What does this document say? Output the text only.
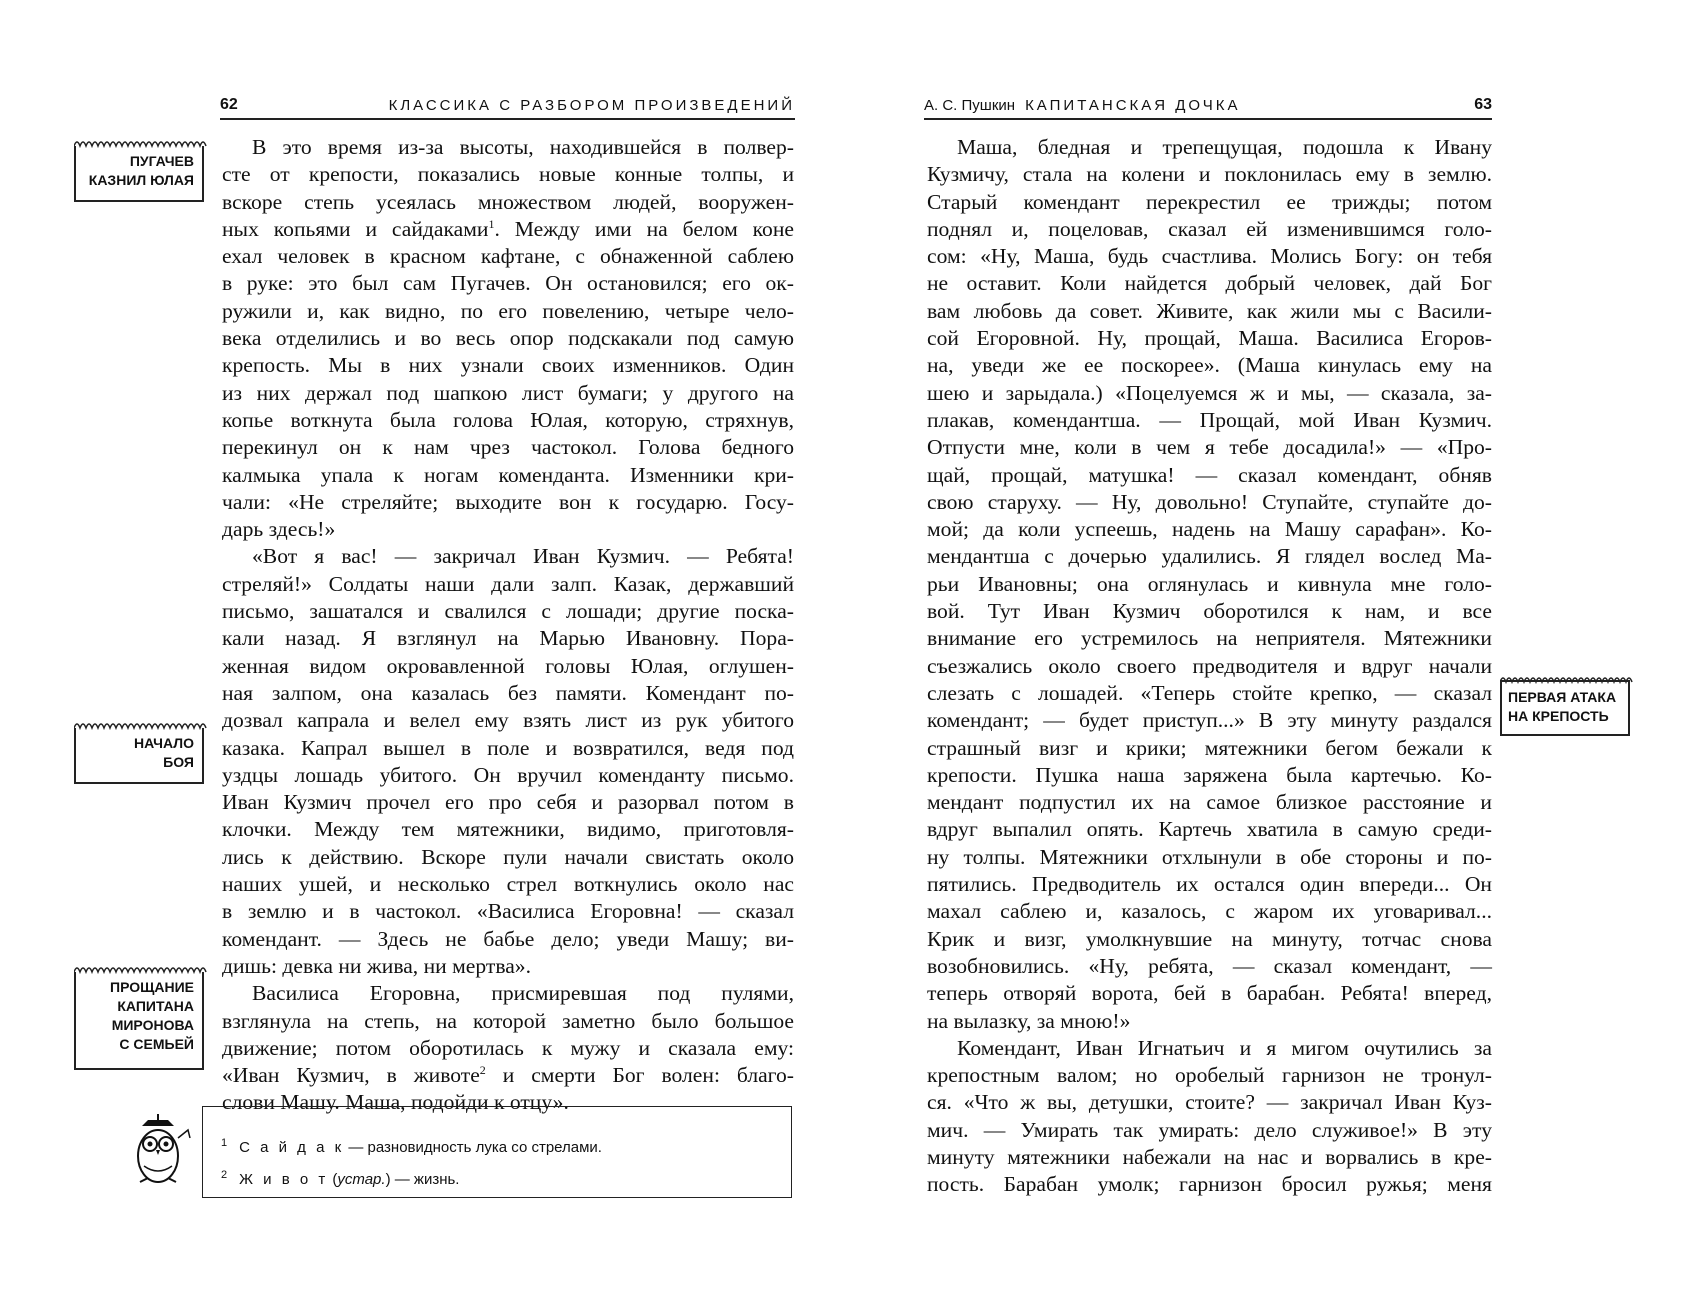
62	КЛАССИКА С РАЗБОРОМ ПРОИЗВЕДЕНИЙ	А. С. Пушкин КАПИТАНСКАЯ ДОЧКА	63
В это время из-за высоты, находившейся в полвер-
сте от крепости, показались новые конные толпы, и
вскоре степь усеялась множеством людей, вооружен-
ных копьями и сайдаками$^1$. Между ими на белом коне
ехал человек в красном кафтане, с обнаженной саблею
в руке: это был сам Пугачев. Он остановился; его ок-
ружили и, как видно, по его повелению, четыре чело-
века отделились и во весь опор подскакали под самую
крепость. Мы в них узнали своих изменников. Один
из них держал под шапкою лист бумаги; у другого на
копье воткнута была голова Юлая, которую, стряхнув,
перекинул он к нам чрез частокол. Голова бедного
калмыка упала к ногам коменданта. Изменники кри-
чали: «Не стреляйте; выходите вон к государю. Госу-
дарь здесь!»
«Вот я вас! — закричал Иван Кузмич. — Ребята!
стреляй!» Солдаты наши дали залп. Казак, державший
письмо, зашатался и свалился с лошади; другие поска-
кали назад. Я взглянул на Марью Ивановну. Пора-
женная видом окровавленной головы Юлая, оглушен-
ная залпом, она казалась без памяти. Комендант по-
дозвал капрала и велел ему взять лист из рук убитого
казака. Капрал вышел в поле и возвратился, ведя под
уздцы лошадь убитого. Он вручил коменданту письмо.
Иван Кузмич прочел его про себя и разорвал потом в
клочки. Между тем мятежники, видимо, приготовля-
лись к действию. Вскоре пули начали свистать около
наших ушей, и несколько стрел воткнулись около нас
в землю и в частокол. «Василиса Егоровна! — сказал
комендант. — Здесь не бабье дело; уведи Машу; ви-
дишь: девка ни жива, ни мертва».
Василиса Егоровна, присмиревшая под пулями,
взглянула на степь, на которой заметно было большое
движение; потом оборотилась к мужу и сказала ему:
«Иван Кузмич, в животе$^2$ и смерти Бог волен: благо-
слови Машу. Маша, подойди к отцу».
Маша, бледная и трепещущая, подошла к Ивану
Кузмичу, стала на колени и поклонилась ему в землю.
Старый комендант перекрестил ее трижды; потом
поднял и, поцеловав, сказал ей изменившимся голо-
сом: «Ну, Маша, будь счастлива. Молись Богу: он тебя
не оставит. Коли найдется добрый человек, дай Бог
вам любовь да совет. Живите, как жили мы с Васили-
сой Егоровной. Ну, прощай, Маша. Василиса Егоров-
на, уведи же ее поскорее». (Маша кинулась ему на
шею и зарыдала.) «Поцелуемся ж и мы, — сказала, за-
плакав, комендантша. — Прощай, мой Иван Кузмич.
Отпусти мне, коли в чем я тебе досадила!» — «Про-
щай, прощай, матушка! — сказал комендант, обняв
свою старуху. — Ну, довольно! Ступайте, ступайте до-
мой; да коли успеешь, надень на Машу сарафан». Ко-
мендантша с дочерью удалились. Я глядел вослед Ма-
рьи Ивановны; она оглянулась и кивнула мне голо-
вой. Тут Иван Кузмич оборотился к нам, и все
внимание его устремилось на неприятеля. Мятежники
съезжались около своего предводителя и вдруг начали
слезать с лошадей. «Теперь стойте крепко, — сказал
комендант; — будет приступ...» В эту минуту раздался
страшный визг и крики; мятежники бегом бежали к
крепости. Пушка наша заряжена была картечью. Ко-
мендант подпустил их на самое близкое расстояние и
вдруг выпалил опять. Картечь хватила в самую среди-
ну толпы. Мятежники отхлынули в обе стороны и по-
пятились. Предводитель их остался один впереди... Он
махал саблею и, казалось, с жаром их уговаривал...
Крик и визг, умолкнувшие на минуту, тотчас снова
возобновились. «Ну, ребята, — сказал комендант, —
теперь отворяй ворота, бей в барабан. Ребята! вперед,
на вылазку, за мною!»
Комендант, Иван Игнатьич и я мигом очутились за
крепостным валом; но оробелый гарнизон не тронул-
ся. «Что ж вы, детушки, стоите? — закричал Иван Куз-
мич. — Умирать так умирать: дело служивое!» В эту
минуту мятежники набежали на нас и ворвались в кре-
пость. Барабан умолк; гарнизон бросил ружья; меня
ПУГАЧЕВ
КАЗНИЛ ЮЛАЯ
НАЧАЛО
БОЯ
ПРОЩАНИЕ
КАПИТАНА
МИРОНОВА
С СЕМЬЕЙ
ПЕРВАЯ АТАКА
НА КРЕПОСТЬ
$^1$ С а й д а к — разновидность лука со стрелами.
$^2$ Ж и в о т (устар.) — жизнь.
